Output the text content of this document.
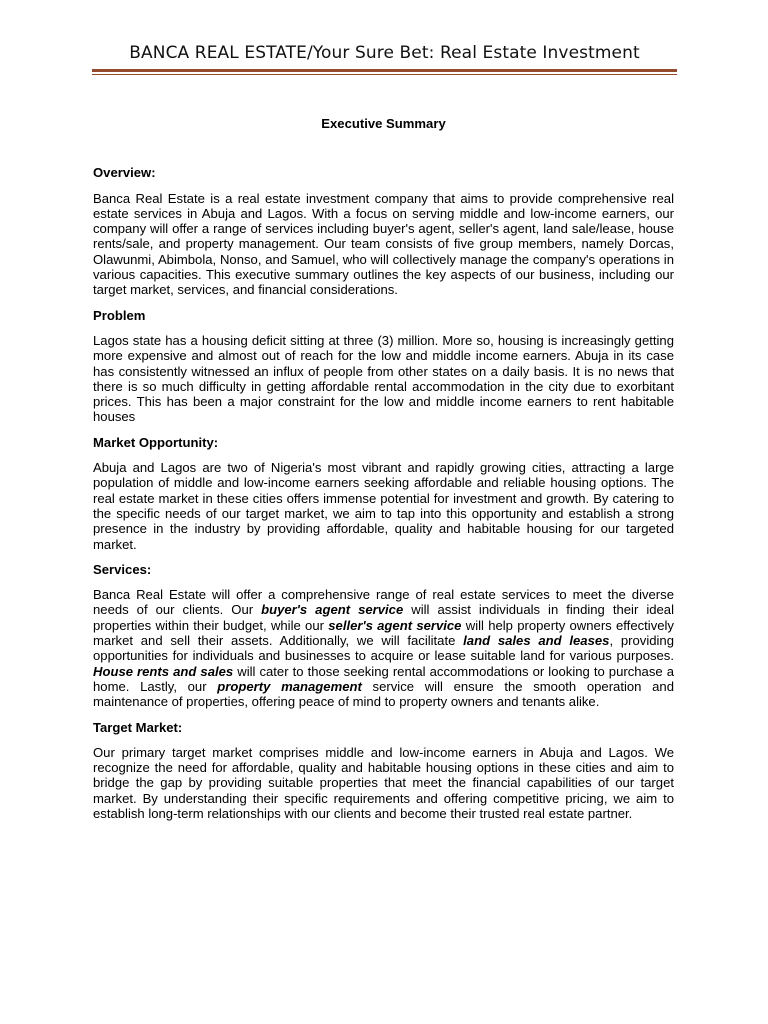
BANCA REAL ESTATE/Your Sure Bet: Real Estate Investment
Executive Summary
Overview:

Banca Real Estate is a real estate investment company that aims to provide comprehensive real estate services in Abuja and Lagos. With a focus on serving middle and low-income earners, our company will offer a range of services including buyer's agent, seller's agent, land sale/lease, house rents/sale, and property management. Our team consists of five group members, namely Dorcas, Olawunmi, Abimbola, Nonso, and Samuel, who will collectively manage the company's operations in various capacities. This executive summary outlines the key aspects of our business, including our target market, services, and financial considerations.

Problem

Lagos state has a housing deficit sitting at three (3) million. More so, housing is increasingly getting more expensive and almost out of reach for the low and middle income earners. Abuja in its case has consistently witnessed an influx of people from other states on a daily basis. It is no news that there is so much difficulty in getting affordable rental accommodation in the city due to exorbitant prices. This has been a major constraint for the low and middle income earners to rent habitable houses

Market Opportunity:

Abuja and Lagos are two of Nigeria's most vibrant and rapidly growing cities, attracting a large population of middle and low-income earners seeking affordable and reliable housing options. The real estate market in these cities offers immense potential for investment and growth. By catering to the specific needs of our target market, we aim to tap into this opportunity and establish a strong presence in the industry by providing affordable, quality and habitable housing for our targeted market.

Services:

Banca Real Estate will offer a comprehensive range of real estate services to meet the diverse needs of our clients. Our buyer's agent service will assist individuals in finding their ideal properties within their budget, while our seller's agent service will help property owners effectively market and sell their assets. Additionally, we will facilitate land sales and leases, providing opportunities for individuals and businesses to acquire or lease suitable land for various purposes. House rents and sales will cater to those seeking rental accommodations or looking to purchase a home. Lastly, our property management service will ensure the smooth operation and maintenance of properties, offering peace of mind to property owners and tenants alike.

Target Market:

Our primary target market comprises middle and low-income earners in Abuja and Lagos. We recognize the need for affordable, quality and habitable housing options in these cities and aim to bridge the gap by providing suitable properties that meet the financial capabilities of our target market. By understanding their specific requirements and offering competitive pricing, we aim to establish long-term relationships with our clients and become their trusted real estate partner.
